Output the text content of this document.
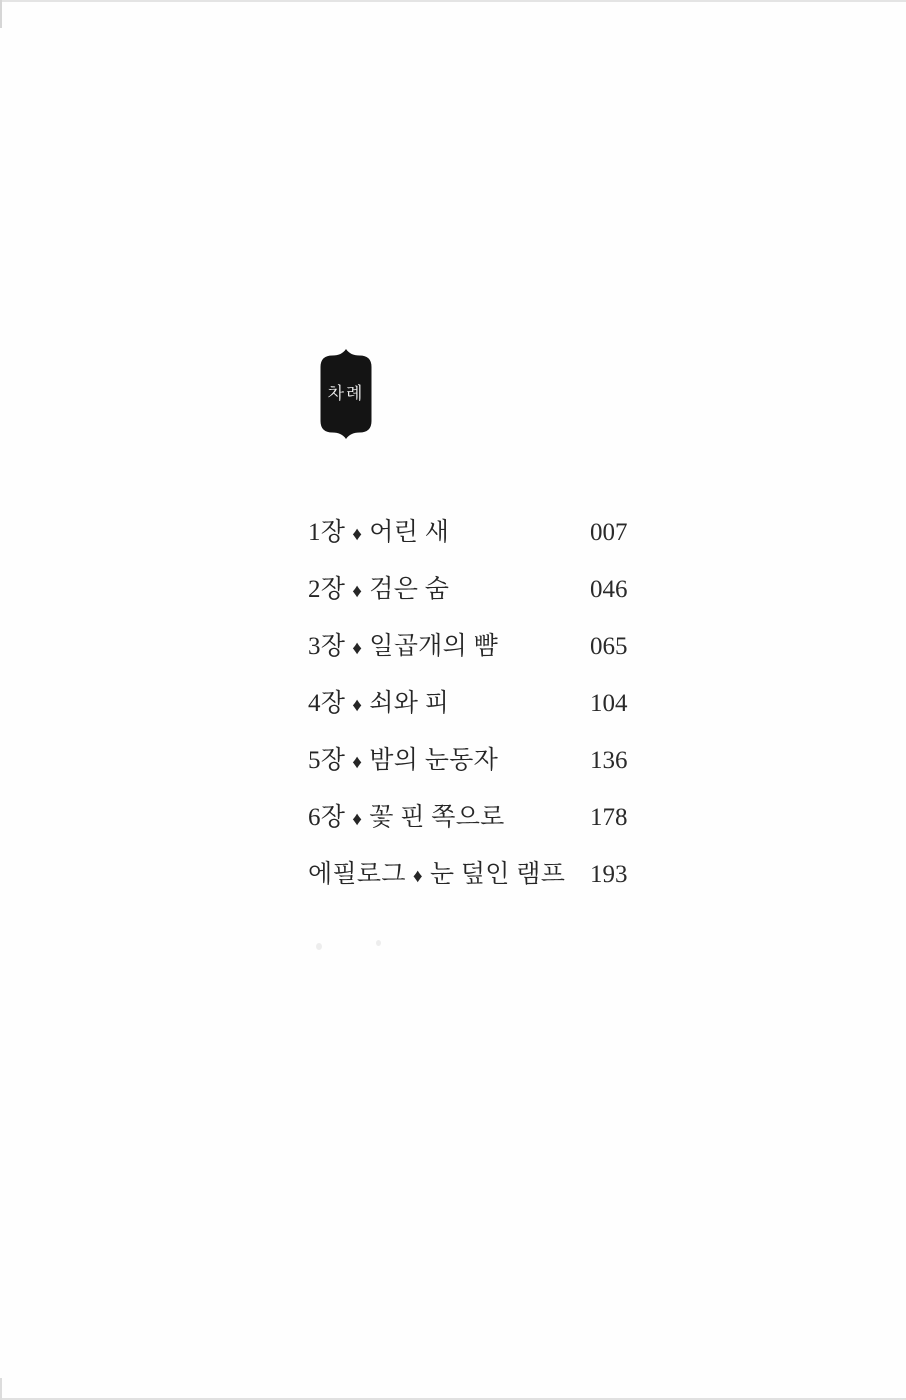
차례
1장 ♦ 어린 새	007
2장 ♦ 검은 숨	046
3장 ♦ 일곱개의 뺨	065
4장 ♦ 쇠와 피	104
5장 ♦ 밤의 눈동자	136
6장 ♦ 꽃 핀 쪽으로	178
에필로그 ♦ 눈 덮인 램프 193
